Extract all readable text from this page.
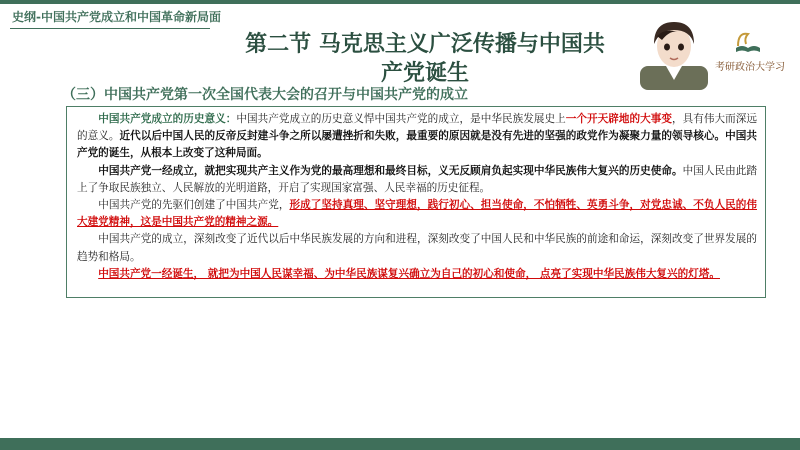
史纲-中国共产党成立和中国革命新局面
第二节 马克思主义广泛传播与中国共
产党诞生	考研政治大学习
（三）中国共产党第一次全国代表大会的召开与中国共产党的成立

中国共产党成立的历史意义：中国共产党成立的历史意义悍中国共产党的成立，是中华民族发展史上一个开天辟地的大事变，具有伟大而深远的意义。近代以后中国人民的反帝反封建斗争之所以屡遭挫折和失败，最重要的原因就是没有先进的坚强的政党作为凝聚力量的领导核心。中国共产党的诞生，从根本上改变了这种局面。

中国共产党一经成立，就把实现共产主义作为党的最高理想和最终目标，义无反顾肩负起实现中华民族伟大复兴的历史使命。中国人民由此踏上了争取民族独立、人民解放的光明道路，开启了实现国家富强、人民幸福的历史征程。

中国共产党的先驱们创建了中国共产党，形成了坚持真理、坚守理想，践行初心、担当使命，不怕牺牲、英勇斗争，对党忠诚、不负人民的伟大建党精神，这是中国共产党的精神之源。

中国共产党的成立，深刻改变了近代以后中华民族发展的方向和进程，深刻改变了中国人民和中华民族的前途和命运，深刻改变了世界发展的趋势和格局。

中国共产党一经诞生， 就把为中国人民谋幸福、为中华民族谋复兴确立为自己的初心和使命， 点亮了实现中华民族伟大复兴的灯塔。
